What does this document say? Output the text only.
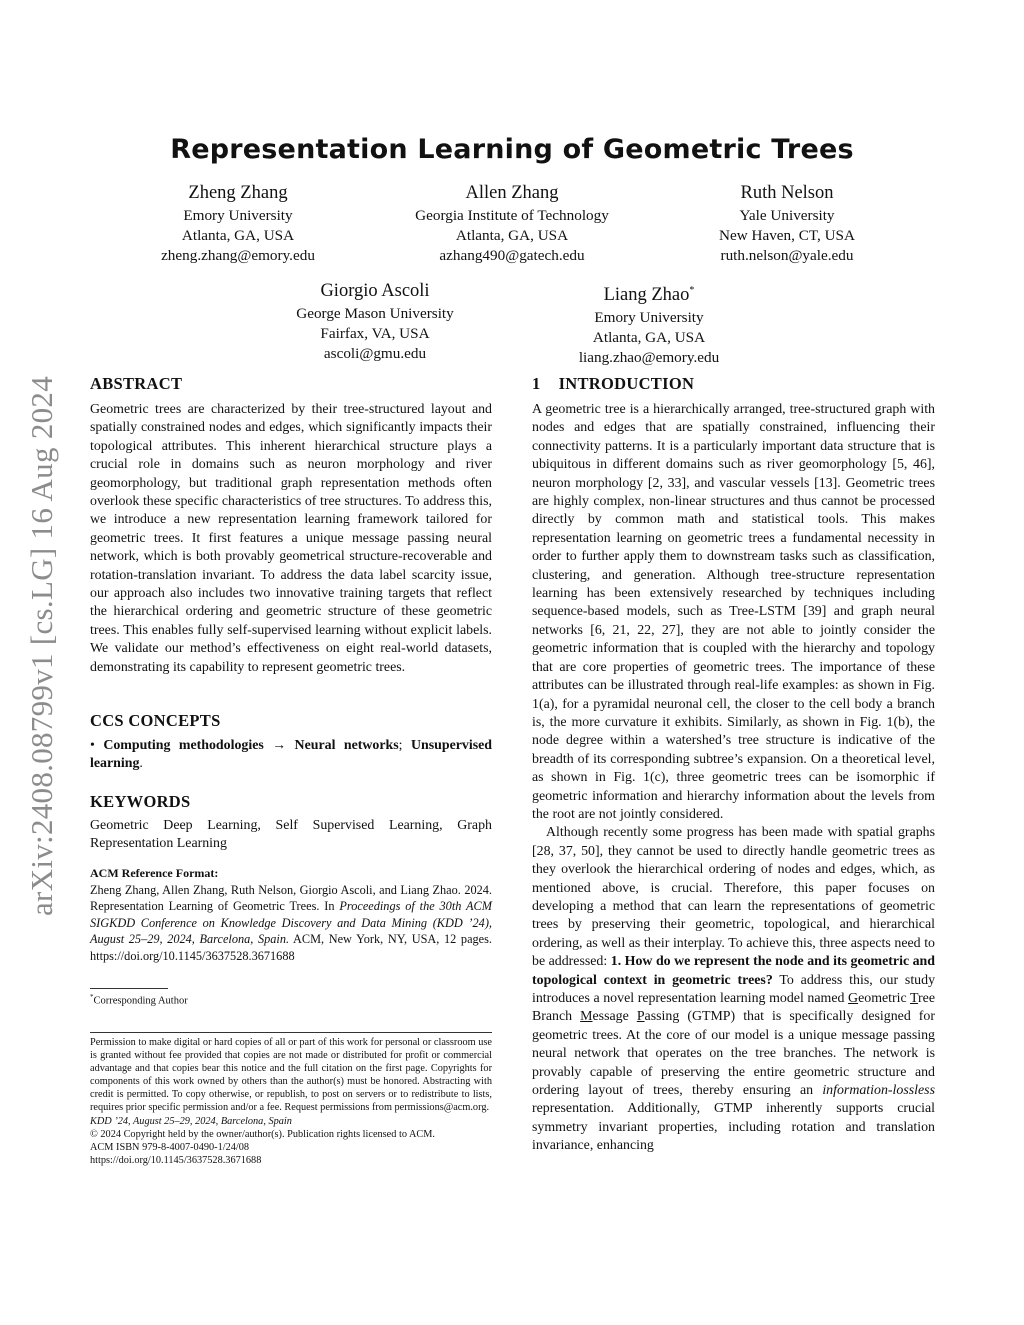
arXiv:2408.08799v1 [cs.LG] 16 Aug 2024
Representation Learning of Geometric Trees
Zheng Zhang
Emory University
Atlanta, GA, USA
zheng.zhang@emory.edu
Allen Zhang
Georgia Institute of Technology
Atlanta, GA, USA
azhang490@gatech.edu
Ruth Nelson
Yale University
New Haven, CT, USA
ruth.nelson@yale.edu
Giorgio Ascoli
George Mason University
Fairfax, VA, USA
ascoli@gmu.edu
Liang Zhao*
Emory University
Atlanta, GA, USA
liang.zhao@emory.edu
ABSTRACT
Geometric trees are characterized by their tree-structured layout and spatially constrained nodes and edges, which significantly impacts their topological attributes. This inherent hierarchical structure plays a crucial role in domains such as neuron morphology and river geomorphology, but traditional graph representation methods often overlook these specific characteristics of tree structures. To address this, we introduce a new representation learning framework tailored for geometric trees. It first features a unique message passing neural network, which is both provably geometrical structure-recoverable and rotation-translation invariant. To address the data label scarcity issue, our approach also includes two innovative training targets that reflect the hierarchical ordering and geometric structure of these geometric trees. This enables fully self-supervised learning without explicit labels. We validate our method’s effectiveness on eight real-world datasets, demonstrating its capability to represent geometric trees.
CCS CONCEPTS
• Computing methodologies → Neural networks; Unsupervised learning.
KEYWORDS
Geometric Deep Learning, Self Supervised Learning, Graph Representation Learning
ACM Reference Format:
Zheng Zhang, Allen Zhang, Ruth Nelson, Giorgio Ascoli, and Liang Zhao. 2024. Representation Learning of Geometric Trees. In Proceedings of the 30th ACM SIGKDD Conference on Knowledge Discovery and Data Mining (KDD ’24), August 25–29, 2024, Barcelona, Spain. ACM, New York, NY, USA, 12 pages. https://doi.org/10.1145/3637528.3671688
*Corresponding Author

Permission to make digital or hard copies of all or part of this work for personal or classroom use is granted without fee provided that copies are not made or distributed for profit or commercial advantage and that copies bear this notice and the full citation on the first page. Copyrights for components of this work owned by others than the author(s) must be honored. Abstracting with credit is permitted. To copy otherwise, or republish, to post on servers or to redistribute to lists, requires prior specific permission and/or a fee. Request permissions from permissions@acm.org.

KDD ’24, August 25–29, 2024, Barcelona, Spain

© 2024 Copyright held by the owner/author(s). Publication rights licensed to ACM.

ACM ISBN 979-8-4007-0490-1/24/08

https://doi.org/10.1145/3637528.3671688

1 INTRODUCTION

A geometric tree is a hierarchically arranged, tree-structured graph with nodes and edges that are spatially constrained, influencing their connectivity patterns. It is a particularly important data structure that is ubiquitous in different domains such as river geomorphology [5, 46], neuron morphology [2, 33], and vascular vessels [13]. Geometric trees are highly complex, non-linear structures and thus cannot be processed directly by common math and statistical tools. This makes representation learning on geometric trees a fundamental necessity in order to further apply them to downstream tasks such as classification, clustering, and generation. Although tree-structure representation learning has been extensively researched by techniques including sequence-based models, such as Tree-LSTM [39] and graph neural networks [6, 21, 22, 27], they are not able to jointly consider the geometric information that is coupled with the hierarchy and topology that are core properties of geometric trees. The importance of these attributes can be illustrated through real-life examples: as shown in Fig. 1(a), for a pyramidal neuronal cell, the closer to the cell body a branch is, the more curvature it exhibits. Similarly, as shown in Fig. 1(b), the node degree within a watershed’s tree structure is indicative of the breadth of its corresponding subtree’s expansion. On a theoretical level, as shown in Fig. 1(c), three geometric trees can be isomorphic if geometric information and hierarchy information about the levels from the root are not jointly considered.

Although recently some progress has been made with spatial graphs [28, 37, 50], they cannot be used to directly handle geometric trees as they overlook the hierarchical ordering of nodes and edges, which, as mentioned above, is crucial. Therefore, this paper focuses on developing a method that can learn the representations of geometric trees by preserving their geometric, topological, and hierarchical ordering, as well as their interplay. To achieve this, three aspects need to be addressed: 1. How do we represent the node and its geometric and topological context in geometric trees? To address this, our study introduces a novel representation learning model named Geometric Tree Branch Message Passing (GTMP) that is specifically designed for geometric trees. At the core of our model is a unique message passing neural network that operates on the tree branches. The network is provably capable of preserving the entire geometric structure and ordering layout of trees, thereby ensuring an information-lossless representation. Additionally, GTMP inherently supports crucial symmetry invariant properties, including rotation and translation invariance, enhancing
